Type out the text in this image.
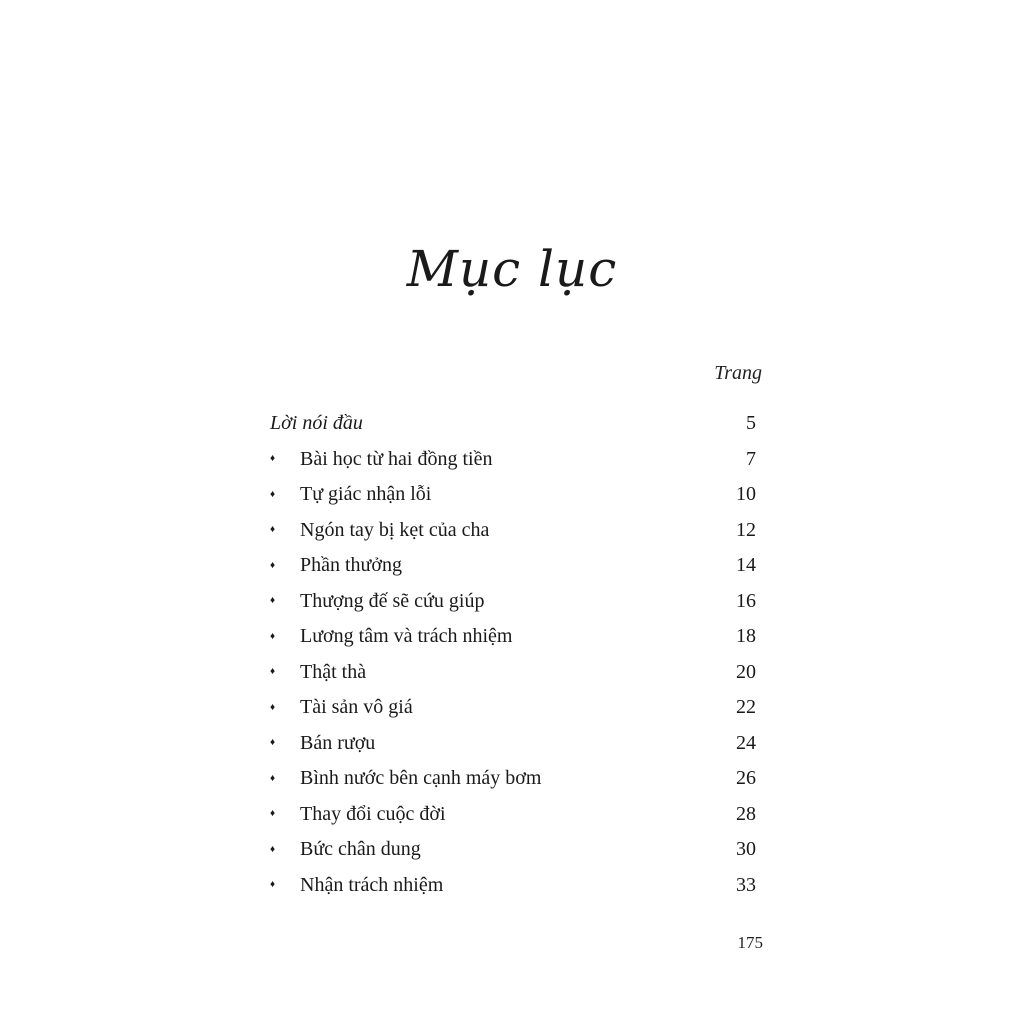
Mục lục
Trang
Lời nói đầu	5
♦	Bài học từ hai đồng tiền	7
♦	Tự giác nhận lỗi	10
♦	Ngón tay bị kẹt của cha	12
♦	Phần thưởng	14
♦	Thượng đế sẽ cứu giúp	16
♦	Lương tâm và trách nhiệm	18
♦	Thật thà	20
♦	Tài sản vô giá	22
♦	Bán rượu	24
♦	Bình nước bên cạnh máy bơm	26
♦	Thay đổi cuộc đời	28
♦	Bức chân dung	30
♦	Nhận trách nhiệm	33
175
